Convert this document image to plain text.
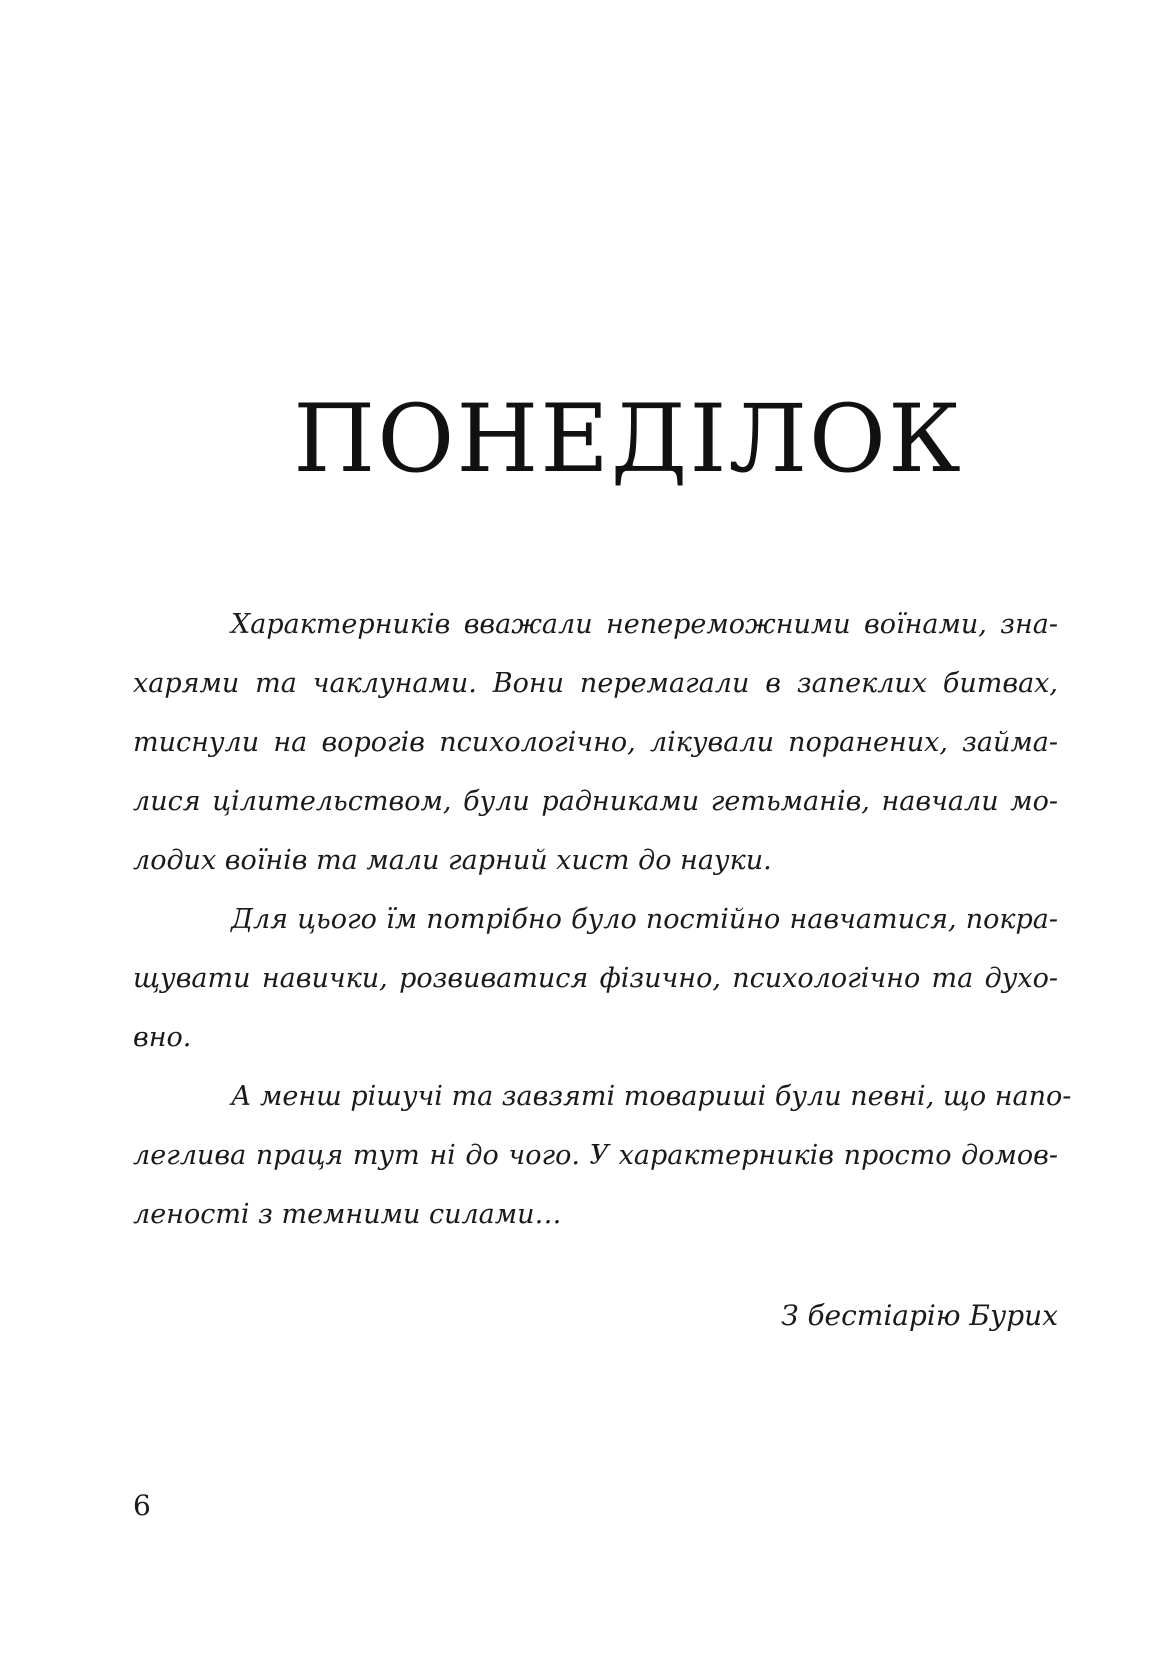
ПОНЕДІЛОК
Характерників вважали непереможними воїнами, зна-
харями та чаклунами. Вони перемагали в запеклих битвах,
тиснули на ворогів психологічно, лікували поранених, займа-
лися цілительством, були радниками гетьманів, навчали мо-
лодих воїнів та мали гарний хист до науки.
Для цього їм потрібно було постійно навчатися, покра-
щувати навички, розвиватися фізично, психологічно та духо-
вно.
А менш рішучі та завзяті товариші були певні, що напо-
леглива праця тут ні до чого. У характерників просто домов-
леності з темними силами…
З бестіарію Бурих
6
